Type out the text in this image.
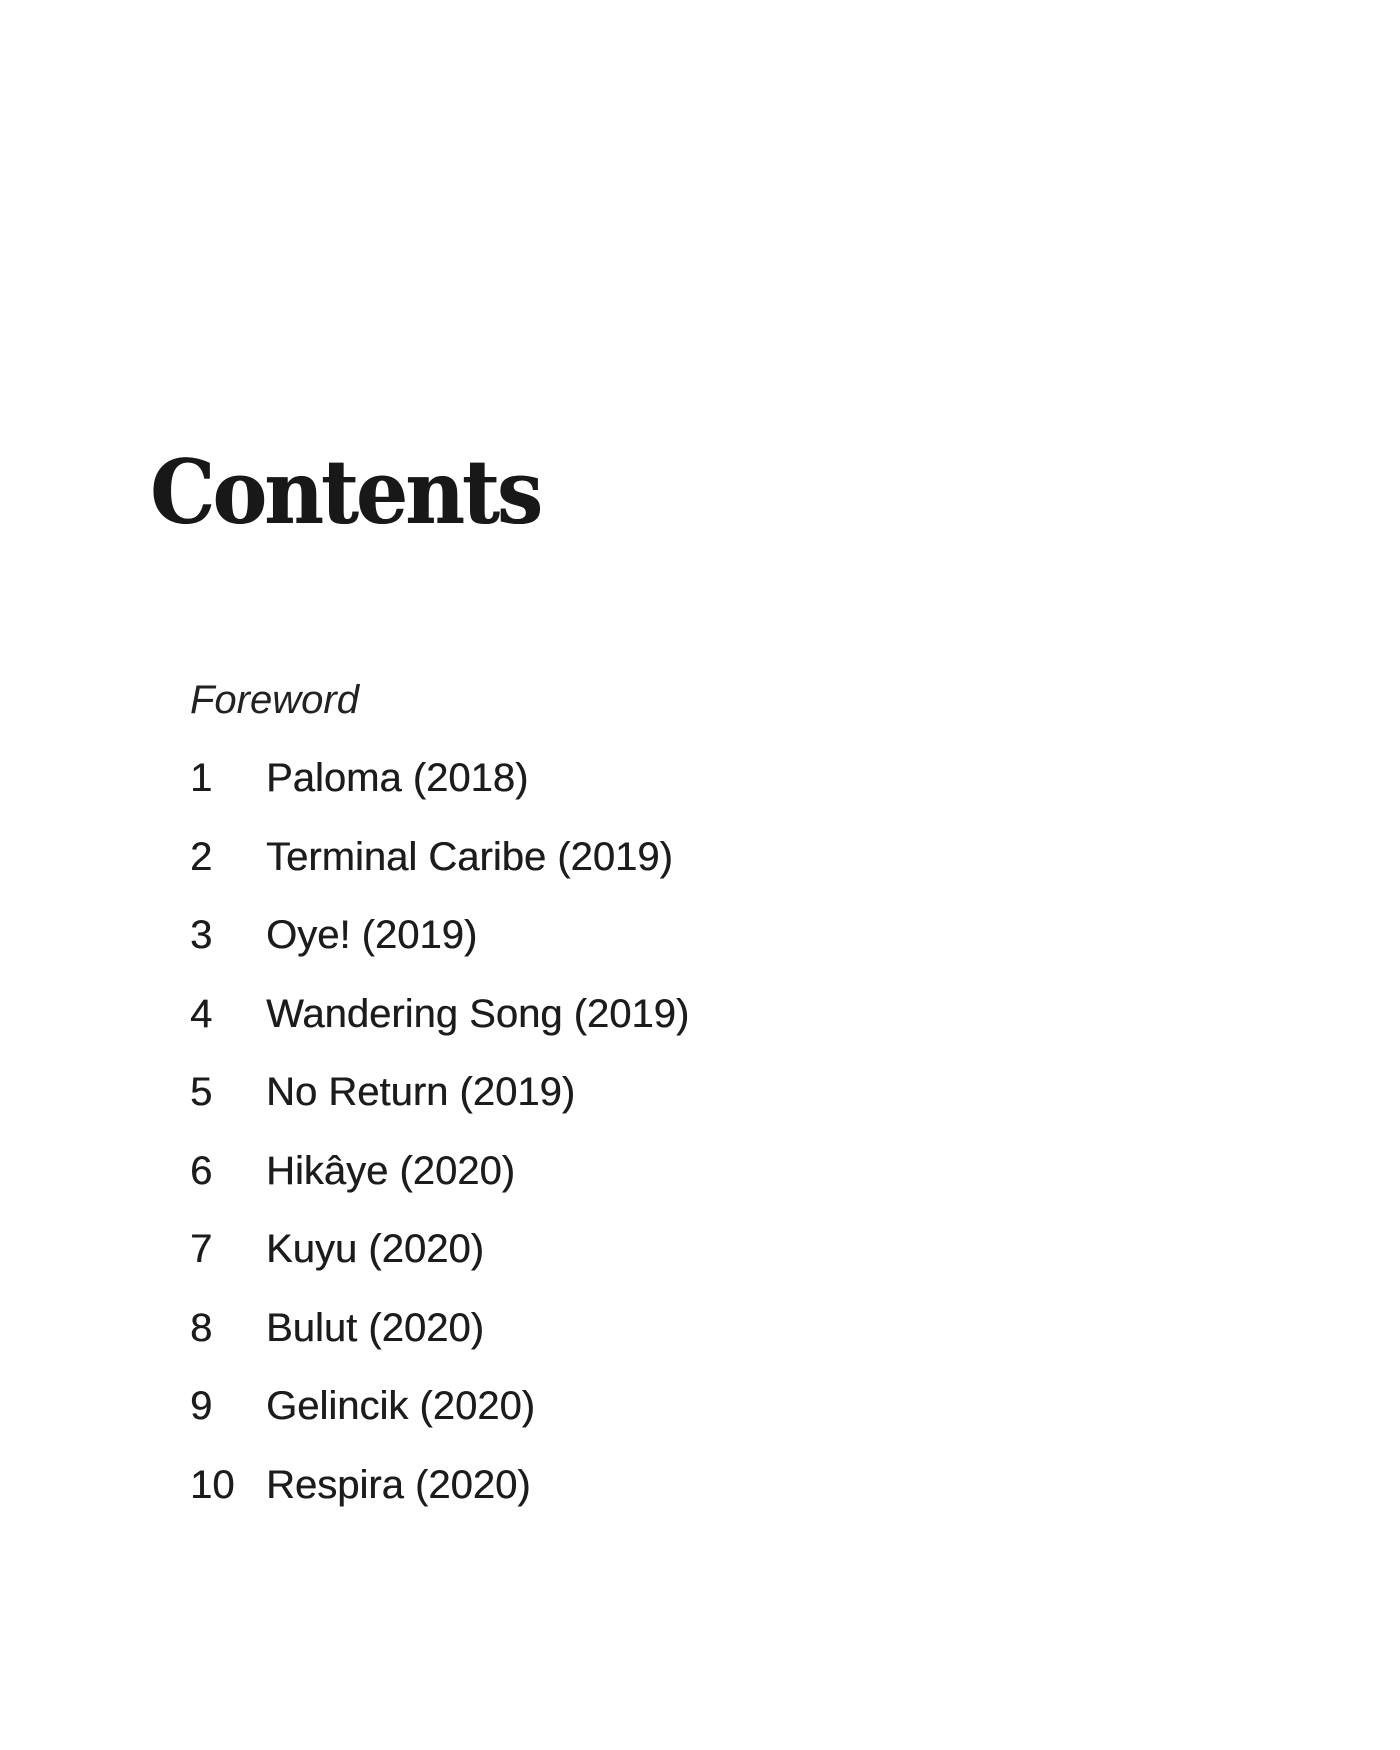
Contents
Foreword
1	Paloma (2018)
2	Terminal Caribe (2019)
3	Oye! (2019)
4	Wandering Song (2019)
5	No Return (2019)
6	Hikâye (2020)
7	Kuyu (2020)
8	Bulut (2020)
9	Gelincik (2020)
10 Respira (2020)
